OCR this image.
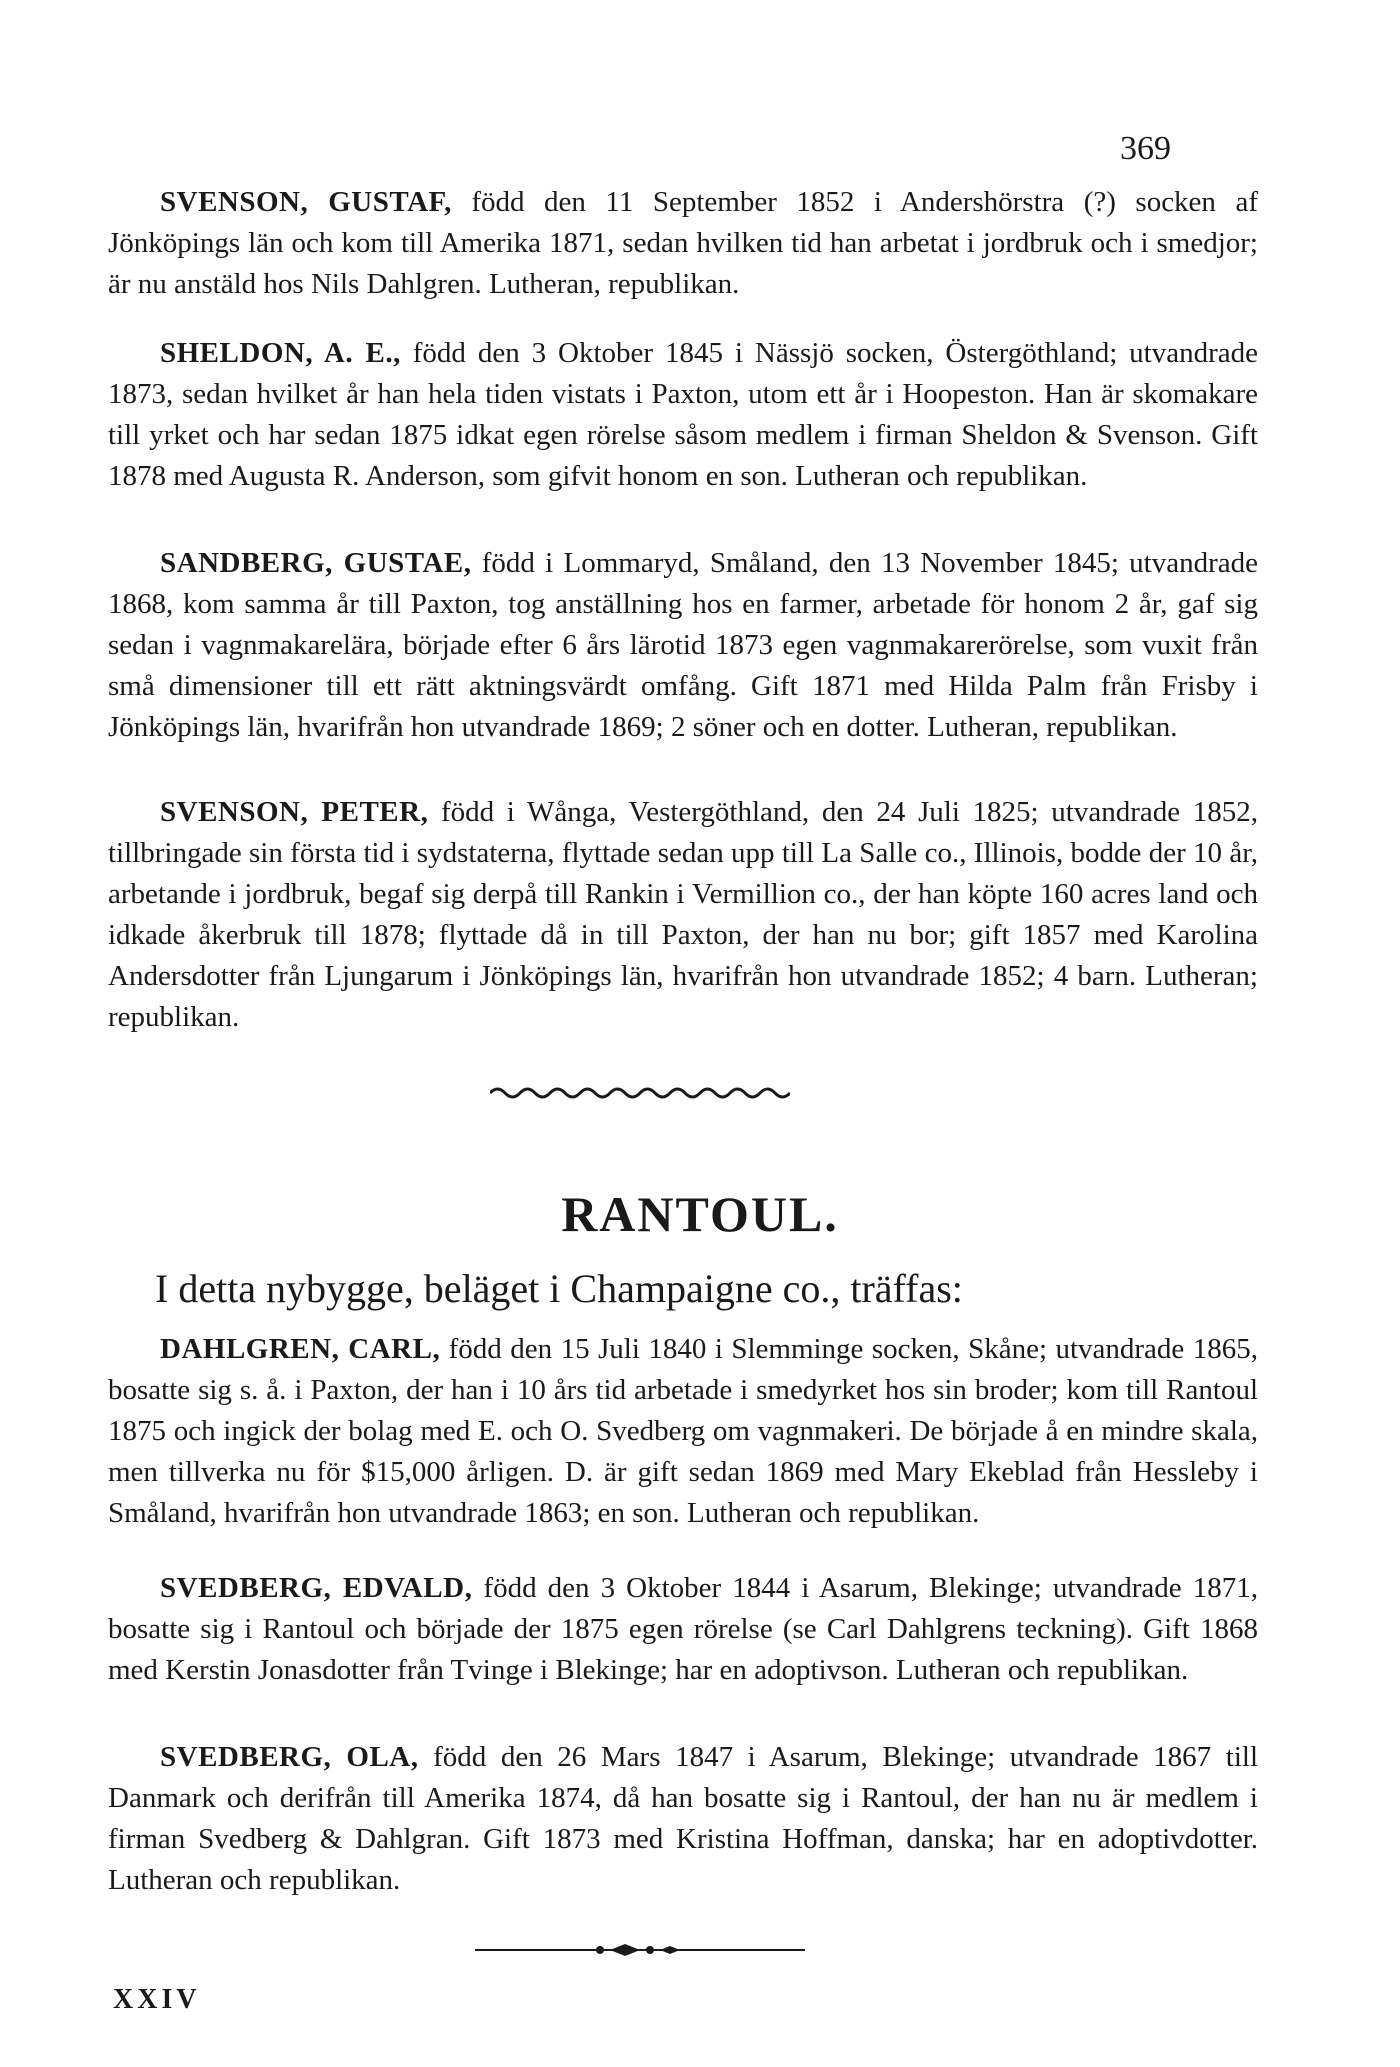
369

SVENSON, GUSTAF, född den 11 September 1852 i Andershörstra (?) socken af Jönköpings län och kom till Amerika 1871, sedan hvilken tid han arbetat i jordbruk och i smedjor; är nu anstäld hos Nils Dahlgren. Lutheran, republikan.

SHELDON, A. E., född den 3 Oktober 1845 i Nässjö socken, Östergöthland; utvandrade 1873, sedan hvilket år han hela tiden vistats i Paxton, utom ett år i Hoopeston. Han är skomakare till yrket och har sedan 1875 idkat egen rörelse såsom medlem i firman Sheldon & Svenson. Gift 1878 med Augusta R. Anderson, som gifvit honom en son. Lutheran och republikan.

SANDBERG, GUSTAE, född i Lommaryd, Småland, den 13 November 1845; utvandrade 1868, kom samma år till Paxton, tog anställning hos en farmer, arbetade för honom 2 år, gaf sig sedan i vagnmakarelära, började efter 6 års lärotid 1873 egen vagnmakarerörelse, som vuxit från små dimensioner till ett rätt aktningsvärdt omfång. Gift 1871 med Hilda Palm från Frisby i Jönköpings län, hvarifrån hon utvandrade 1869; 2 söner och en dotter. Lutheran, republikan.

SVENSON, PETER, född i Wånga, Vestergöthland, den 24 Juli 1825; utvandrade 1852, tillbringade sin första tid i sydstaterna, flyttade sedan upp till La Salle co., Illinois, bodde der 10 år, arbetande i jordbruk, begaf sig derpå till Rankin i Vermillion co., der han köpte 160 acres land och idkade åkerbruk till 1878; flyttade då in till Paxton, der han nu bor; gift 1857 med Karolina Andersdotter från Ljungarum i Jönköpings län, hvarifrån hon utvandrade 1852; 4 barn. Lutheran; republikan.

RANTOUL.

I detta nybygge, beläget i Champaigne co., träffas:

DAHLGREN, CARL, född den 15 Juli 1840 i Slemminge socken, Skåne; utvandrade 1865, bosatte sig s. å. i Paxton, der han i 10 års tid arbetade i smedyrket hos sin broder; kom till Rantoul 1875 och ingick der bolag med E. och O. Svedberg om vagnmakeri. De började å en mindre skala, men tillverka nu för $15,000 årligen. D. är gift sedan 1869 med Mary Ekeblad från Hessleby i Småland, hvarifrån hon utvandrade 1863; en son. Lutheran och republikan.

SVEDBERG, EDVALD, född den 3 Oktober 1844 i Asarum, Blekinge; utvandrade 1871, bosatte sig i Rantoul och började der 1875 egen rörelse (se Carl Dahlgrens teckning). Gift 1868 med Kerstin Jonasdotter från Tvinge i Blekinge; har en adoptivson. Lutheran och republikan.

SVEDBERG, OLA, född den 26 Mars 1847 i Asarum, Blekinge; utvandrade 1867 till Danmark och derifrån till Amerika 1874, då han bosatte sig i Rantoul, der han nu är medlem i firman Svedberg & Dahlgran. Gift 1873 med Kristina Hoffman, danska; har en adoptivdotter. Lutheran och republikan.

XXIV
